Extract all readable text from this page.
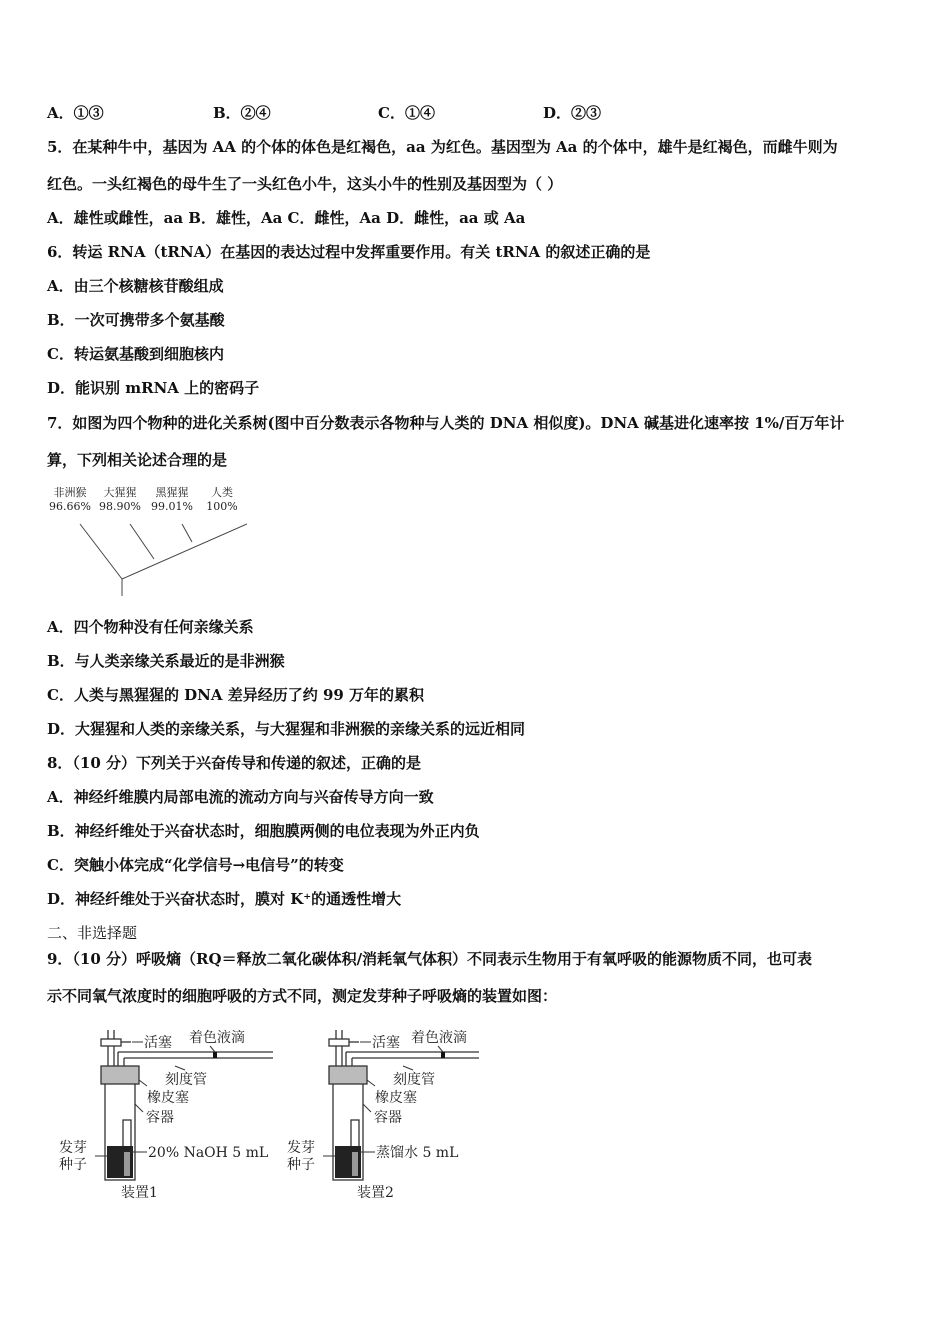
A．①③	B．②④	C．①④	D．②③
5．在某种牛中，基因为 AA 的个体的体色是红褐色，aa 为红色。基因型为 Aa 的个体中，雄牛是红褐色，而雌牛则为
红色。一头红褐色的母牛生了一头红色小牛，这头小牛的性别及基因型为（ ）
A．雄性或雌性，aa B．雄性，Aa C．雌性，Aa D．雌性，aa 或 Aa
6．转运 RNA（tRNA）在基因的表达过程中发挥重要作用。有关 tRNA 的叙述正确的是
A．由三个核糖核苷酸组成
B．一次可携带多个氨基酸
C．转运氨基酸到细胞核内
D．能识别 mRNA 上的密码子
7．如图为四个物种的进化关系树(图中百分数表示各物种与人类的 DNA 相似度)。DNA 碱基进化速率按 1%/百万年计
算，下列相关论述合理的是
非洲猴 大猩猩 黑猩猩 人类
96.66% 98.90% 99.01% 100%
A．四个物种没有任何亲缘关系
B．与人类亲缘关系最近的是非洲猴
C．人类与黑猩猩的 DNA 差异经历了约 99 万年的累积
D．大猩猩和人类的亲缘关系，与大猩猩和非洲猴的亲缘关系的远近相同
8．（10 分）下列关于兴奋传导和传递的叙述，正确的是
A．神经纤维膜内局部电流的流动方向与兴奋传导方向一致
B．神经纤维处于兴奋状态时，细胞膜两侧的电位表现为外正内负
C．突触小体完成“化学信号→电信号”的转变
D．神经纤维处于兴奋状态时，膜对 K⁺的通透性增大
二、非选择题
9．（10 分）呼吸熵（RQ＝释放二氧化碳体积/消耗氧气体积）不同表示生物用于有氧呼吸的能源物质不同，也可表
示不同氧气浓度时的细胞呼吸的方式不同，测定发芽种子呼吸熵的装置如图：
活塞 着色液滴
刻度管
橡皮塞
容器
20% NaOH 5 mL
发芽
种子
装置1
活塞 着色液滴
刻度管
橡皮塞
容器
蒸馏水 5 mL
发芽
种子
装置2
